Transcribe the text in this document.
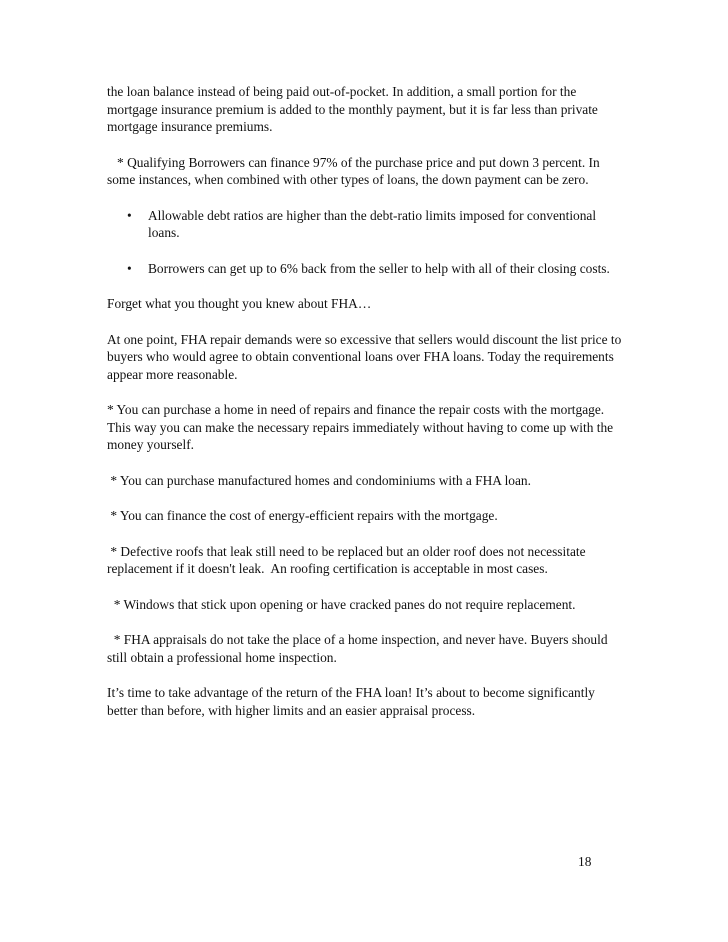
the loan balance instead of being paid out-of-pocket. In addition, a small portion for the mortgage insurance premium is added to the monthly payment, but it is far less than private mortgage insurance premiums.

* Qualifying Borrowers can finance 97% of the purchase price and put down 3 percent. In some instances, when combined with other types of loans, the down payment can be zero.

• Allowable debt ratios are higher than the debt-ratio limits imposed for conventional loans.
• Borrowers can get up to 6% back from the seller to help with all of their closing costs.

Forget what you thought you knew about FHA…

At one point, FHA repair demands were so excessive that sellers would discount the list price to buyers who would agree to obtain conventional loans over FHA loans. Today the requirements appear more reasonable.

* You can purchase a home in need of repairs and finance the repair costs with the mortgage. This way you can make the necessary repairs immediately without having to come up with the money yourself.

* You can purchase manufactured homes and condominiums with a FHA loan.

* You can finance the cost of energy-efficient repairs with the mortgage.

* Defective roofs that leak still need to be replaced but an older roof does not necessitate replacement if it doesn't leak.  An roofing certification is acceptable in most cases.

* Windows that stick upon opening or have cracked panes do not require replacement.

* FHA appraisals do not take the place of a home inspection, and never have. Buyers should still obtain a professional home inspection.

It’s time to take advantage of the return of the FHA loan! It’s about to become significantly better than before, with higher limits and an easier appraisal process.

18
